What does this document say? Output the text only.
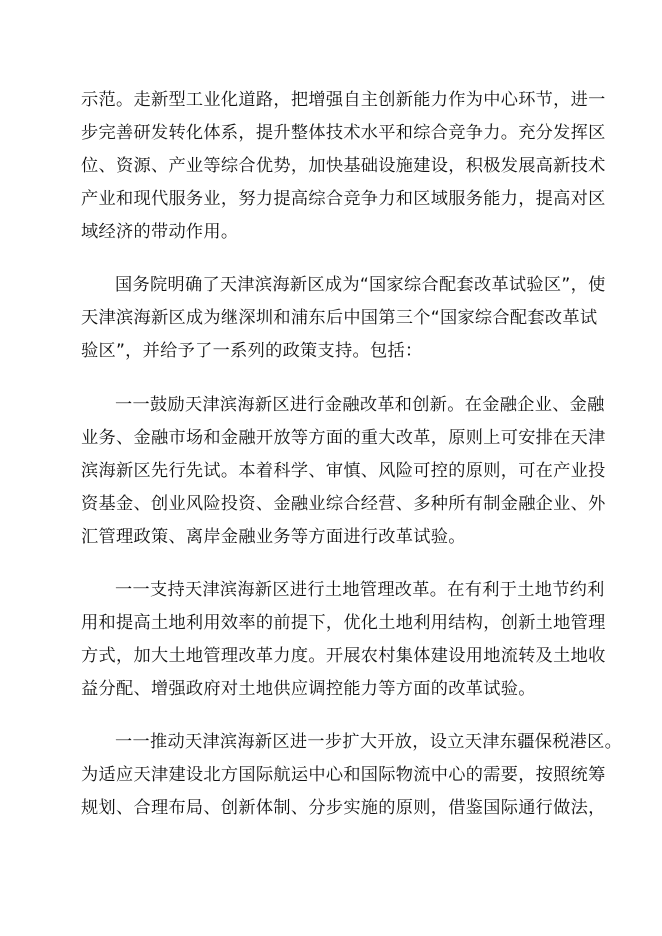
示范。走新型工业化道路，把增强自主创新能力作为中心环节，进一
步完善研发转化体系，提升整体技术水平和综合竞争力。充分发挥区
位、资源、产业等综合优势，加快基础设施建设，积极发展高新技术
产业和现代服务业，努力提高综合竞争力和区域服务能力，提高对区
域经济的带动作用。
国务院明确了天津滨海新区成为“国家综合配套改革试验区”，使
天津滨海新区成为继深圳和浦东后中国第三个“国家综合配套改革试
验区”，并给予了一系列的政策支持。包括：
一一鼓励天津滨海新区进行金融改革和创新。在金融企业、金融
业务、金融市场和金融开放等方面的重大改革，原则上可安排在天津
滨海新区先行先试。本着科学、审慎、风险可控的原则，可在产业投
资基金、创业风险投资、金融业综合经营、多种所有制金融企业、外
汇管理政策、离岸金融业务等方面进行改革试验。
一一支持天津滨海新区进行土地管理改革。在有利于土地节约利
用和提高土地利用效率的前提下，优化土地利用结构，创新土地管理
方式，加大土地管理改革力度。开展农村集体建设用地流转及土地收
益分配、增强政府对土地供应调控能力等方面的改革试验。
一一推动天津滨海新区进一步扩大开放，设立天津东疆保税港区。
为适应天津建设北方国际航运中心和国际物流中心的需要，按照统筹
规划、合理布局、创新体制、分步实施的原则，借鉴国际通行做法，
